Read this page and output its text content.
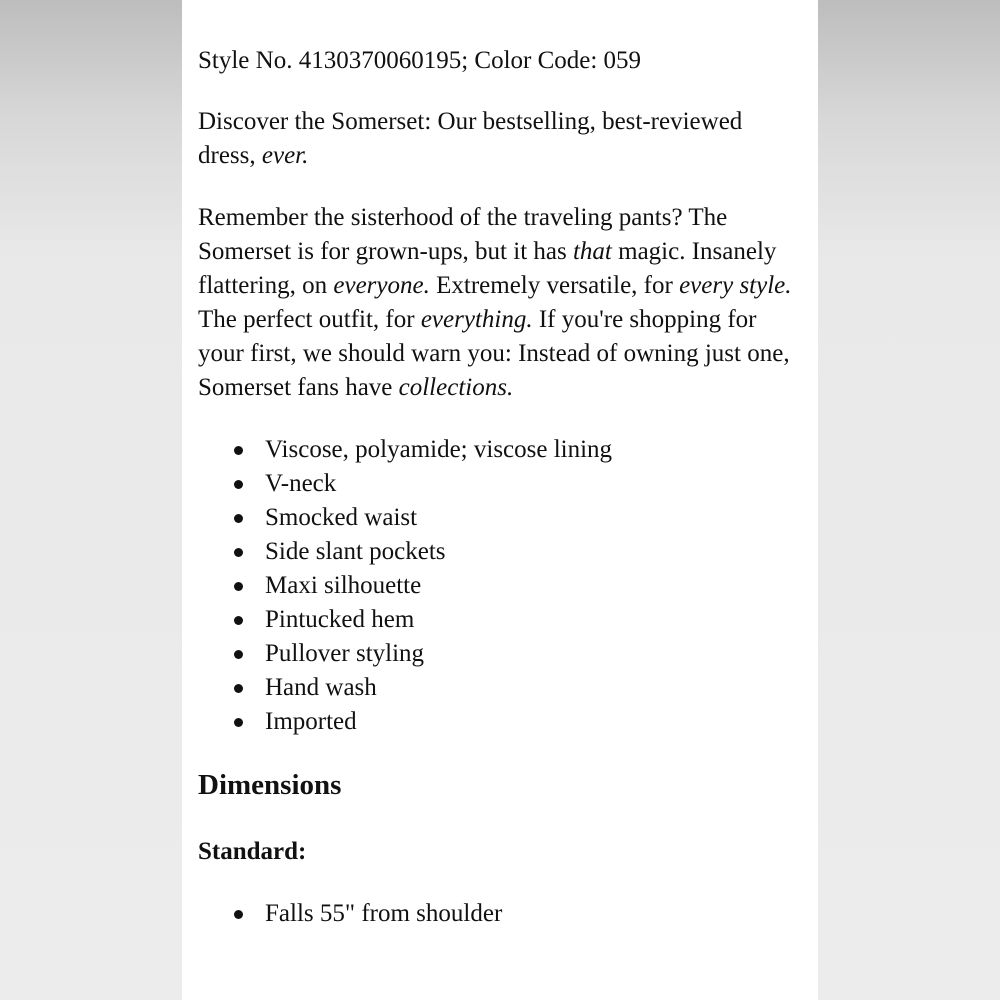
Style No. 4130370060195; Color Code: 059

Discover the Somerset: Our bestselling, best-reviewed dress, ever.

Remember the sisterhood of the traveling pants? The Somerset is for grown-ups, but it has that magic. Insanely flattering, on everyone. Extremely versatile, for every style. The perfect outfit, for everything. If you're shopping for your first, we should warn you: Instead of owning just one, Somerset fans have collections.

Viscose, polyamide; viscose lining
V-neck
Smocked waist
Side slant pockets
Maxi silhouette
Pintucked hem
Pullover styling
Hand wash
Imported
Dimensions
Standard:
Falls 55" from shoulder
